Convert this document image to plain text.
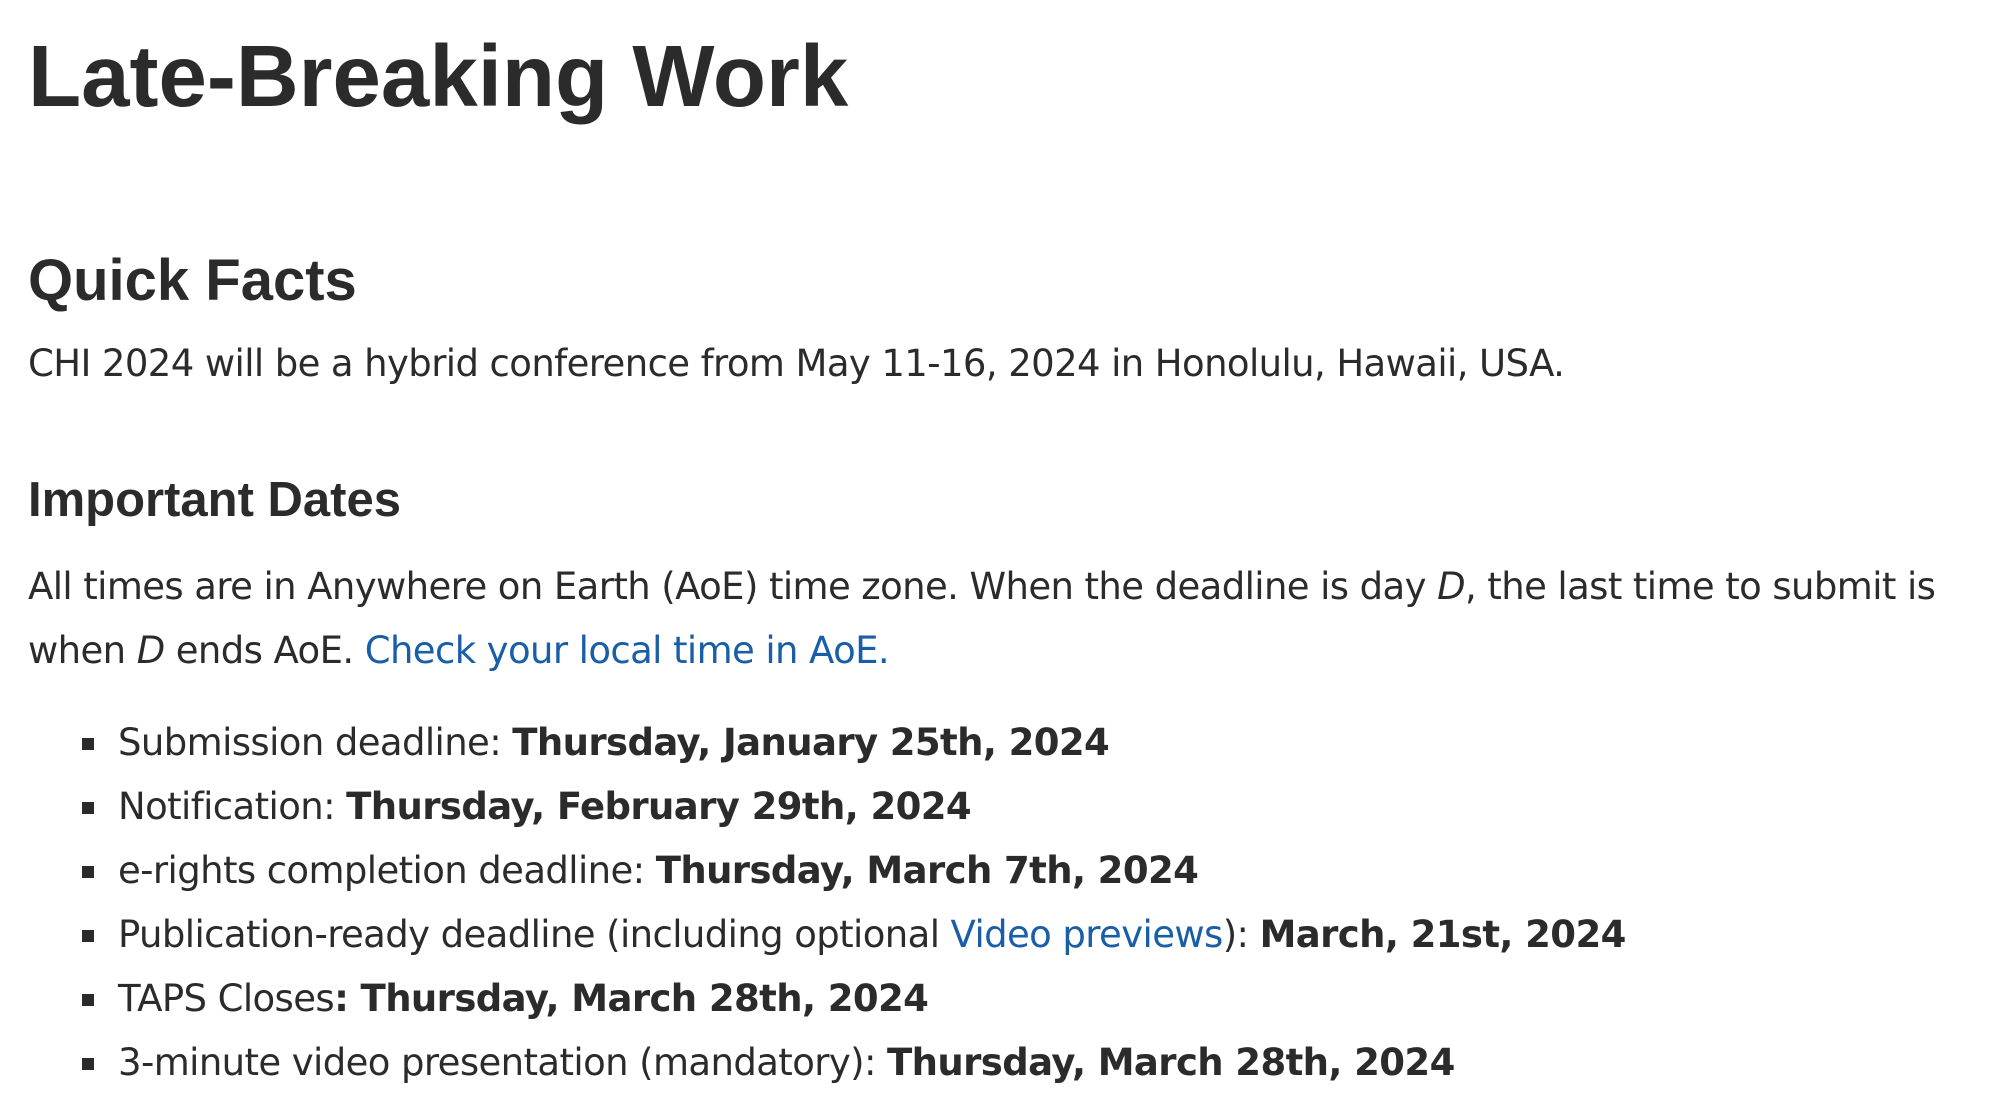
Late-Breaking Work
Quick Facts
CHI 2024 will be a hybrid conference from May 11-16, 2024 in Honolulu, Hawaii, USA.
Important Dates
All times are in Anywhere on Earth (AoE) time zone. When the deadline is day D, the last time to submit is
when D ends AoE. Check your local time in AoE.
Submission deadline: Thursday, January 25th, 2024
Notification: Thursday, February 29th, 2024
e-rights completion deadline: Thursday, March 7th, 2024
Publication-ready deadline (including optional Video previews): March, 21st, 2024
TAPS Closes: Thursday, March 28th, 2024
3-minute video presentation (mandatory): Thursday, March 28th, 2024
